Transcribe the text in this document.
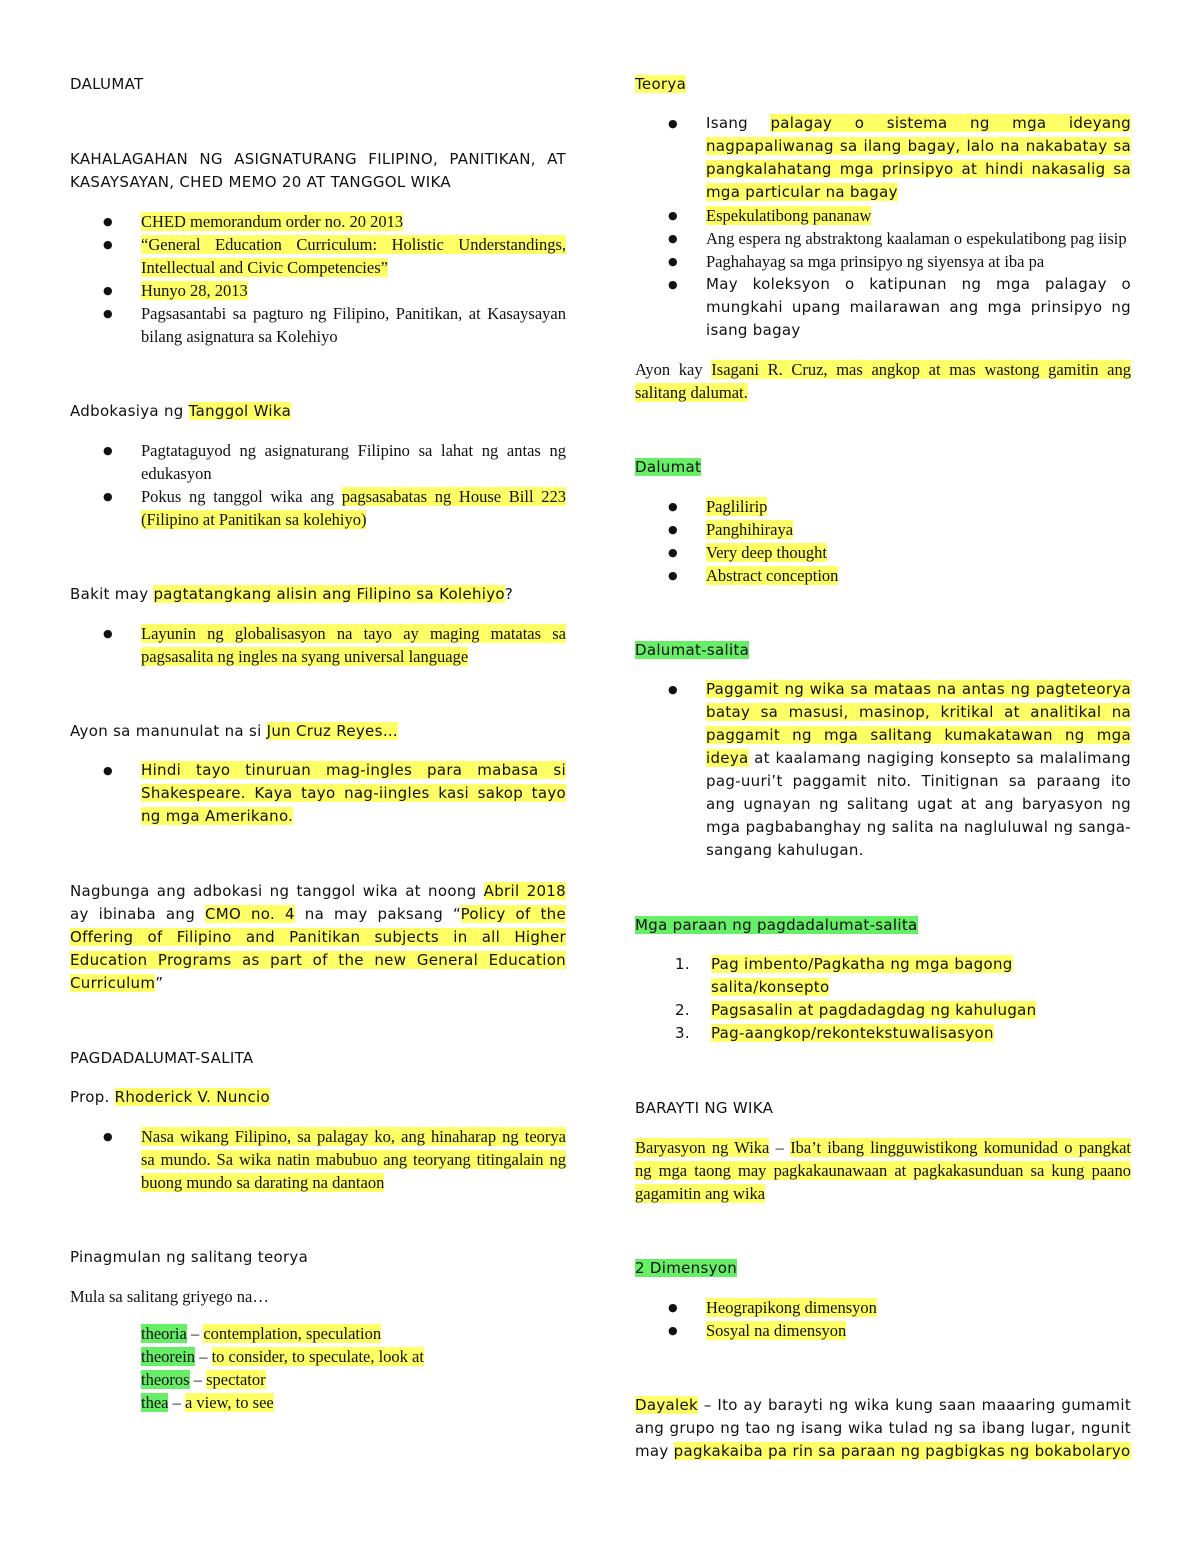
DALUMAT

KAHALAGAHAN NG ASIGNATURANG FILIPINO, PANITIKAN, AT KASAYSAYAN, CHED MEMO 20 AT TANGGOL WIKA

● CHED memorandum order no. 20 2013
● “General Education Curriculum: Holistic Understandings, Intellectual and Civic Competencies”
● Hunyo 28, 2013
● Pagsasantabi sa pagturo ng Filipino, Panitikan, at Kasaysayan bilang asignatura sa Kolehiyo

Adbokasiya ng Tanggol Wika

● Pagtataguyod ng asignaturang Filipino sa lahat ng antas ng edukasyon
● Pokus ng tanggol wika ang pagsasabatas ng House Bill 223 (Filipino at Panitikan sa kolehiyo)

Bakit may pagtatangkang alisin ang Filipino sa Kolehiyo?

● Layunin ng globalisasyon na tayo ay maging matatas sa pagsasalita ng ingles na syang universal language

Ayon sa manunulat na si Jun Cruz Reyes…

● Hindi tayo tinuruan mag-ingles para mabasa si Shakespeare. Kaya tayo nag-iingles kasi sakop tayo ng mga Amerikano.

Nagbunga ang adbokasi ng tanggol wika at noong Abril 2018 ay ibinaba ang CMO no. 4 na may paksang “Policy of the Offering of Filipino and Panitikan subjects in all Higher Education Programs as part of the new General Education Curriculum”

PAGDADALUMAT-SALITA

Prop. Rhoderick V. Nuncio

● Nasa wikang Filipino, sa palagay ko, ang hinaharap ng teorya sa mundo. Sa wika natin mabubuo ang teoryang titingalain ng buong mundo sa darating na dantaon

Pinagmulan ng salitang teorya

Mula sa salitang griyego na…

theoria – contemplation, speculation
theorein – to consider, to speculate, look at
theoros – spectator
thea – a view, to see

Teorya

● Isang palagay o sistema ng mga ideyang nagpapaliwanag sa ilang bagay, lalo na nakabatay sa pangkalahatang mga prinsipyo at hindi nakasalig sa mga particular na bagay
● Espekulatibong pananaw
● Ang espera ng abstraktong kaalaman o espekulatibong pag iisip
● Paghahayag sa mga prinsipyo ng siyensya at iba pa
● May koleksyon o katipunan ng mga palagay o mungkahi upang mailarawan ang mga prinsipyo ng isang bagay

Ayon kay Isagani R. Cruz, mas angkop at mas wastong gamitin ang salitang dalumat.

Dalumat

● Paglilirip
● Panghihiraya
● Very deep thought
● Abstract conception

Dalumat-salita

● Paggamit ng wika sa mataas na antas ng pagteteorya batay sa masusi, masinop, kritikal at analitikal na paggamit ng mga salitang kumakatawan ng mga ideya at kaalamang nagiging konsepto sa malalimang pag-uuri’t paggamit nito. Tinitignan sa paraang ito ang ugnayan ng salitang ugat at ang baryasyon ng mga pagbabanghay ng salita na nagluluwal ng sanga-sangang kahulugan.

Mga paraan ng pagdadalumat-salita

1. Pag imbento/Pagkatha ng mga bagong salita/konsepto
2. Pagsasalin at pagdadagdag ng kahulugan
3. Pag-aangkop/rekontekstuwalisasyon

BARAYTI NG WIKA

Baryasyon ng Wika – Iba’t ibang lingguwistikong komunidad o pangkat ng mga taong may pagkakaunawaan at pagkakasunduan sa kung paano gagamitin ang wika

2 Dimensyon

● Heograpikong dimensyon
● Sosyal na dimensyon

Dayalek – Ito ay barayti ng wika kung saan maaaring gumamit ang grupo ng tao ng isang wika tulad ng sa ibang lugar, ngunit may pagkakaiba pa rin sa paraan ng pagbigkas ng bokabolaryo
